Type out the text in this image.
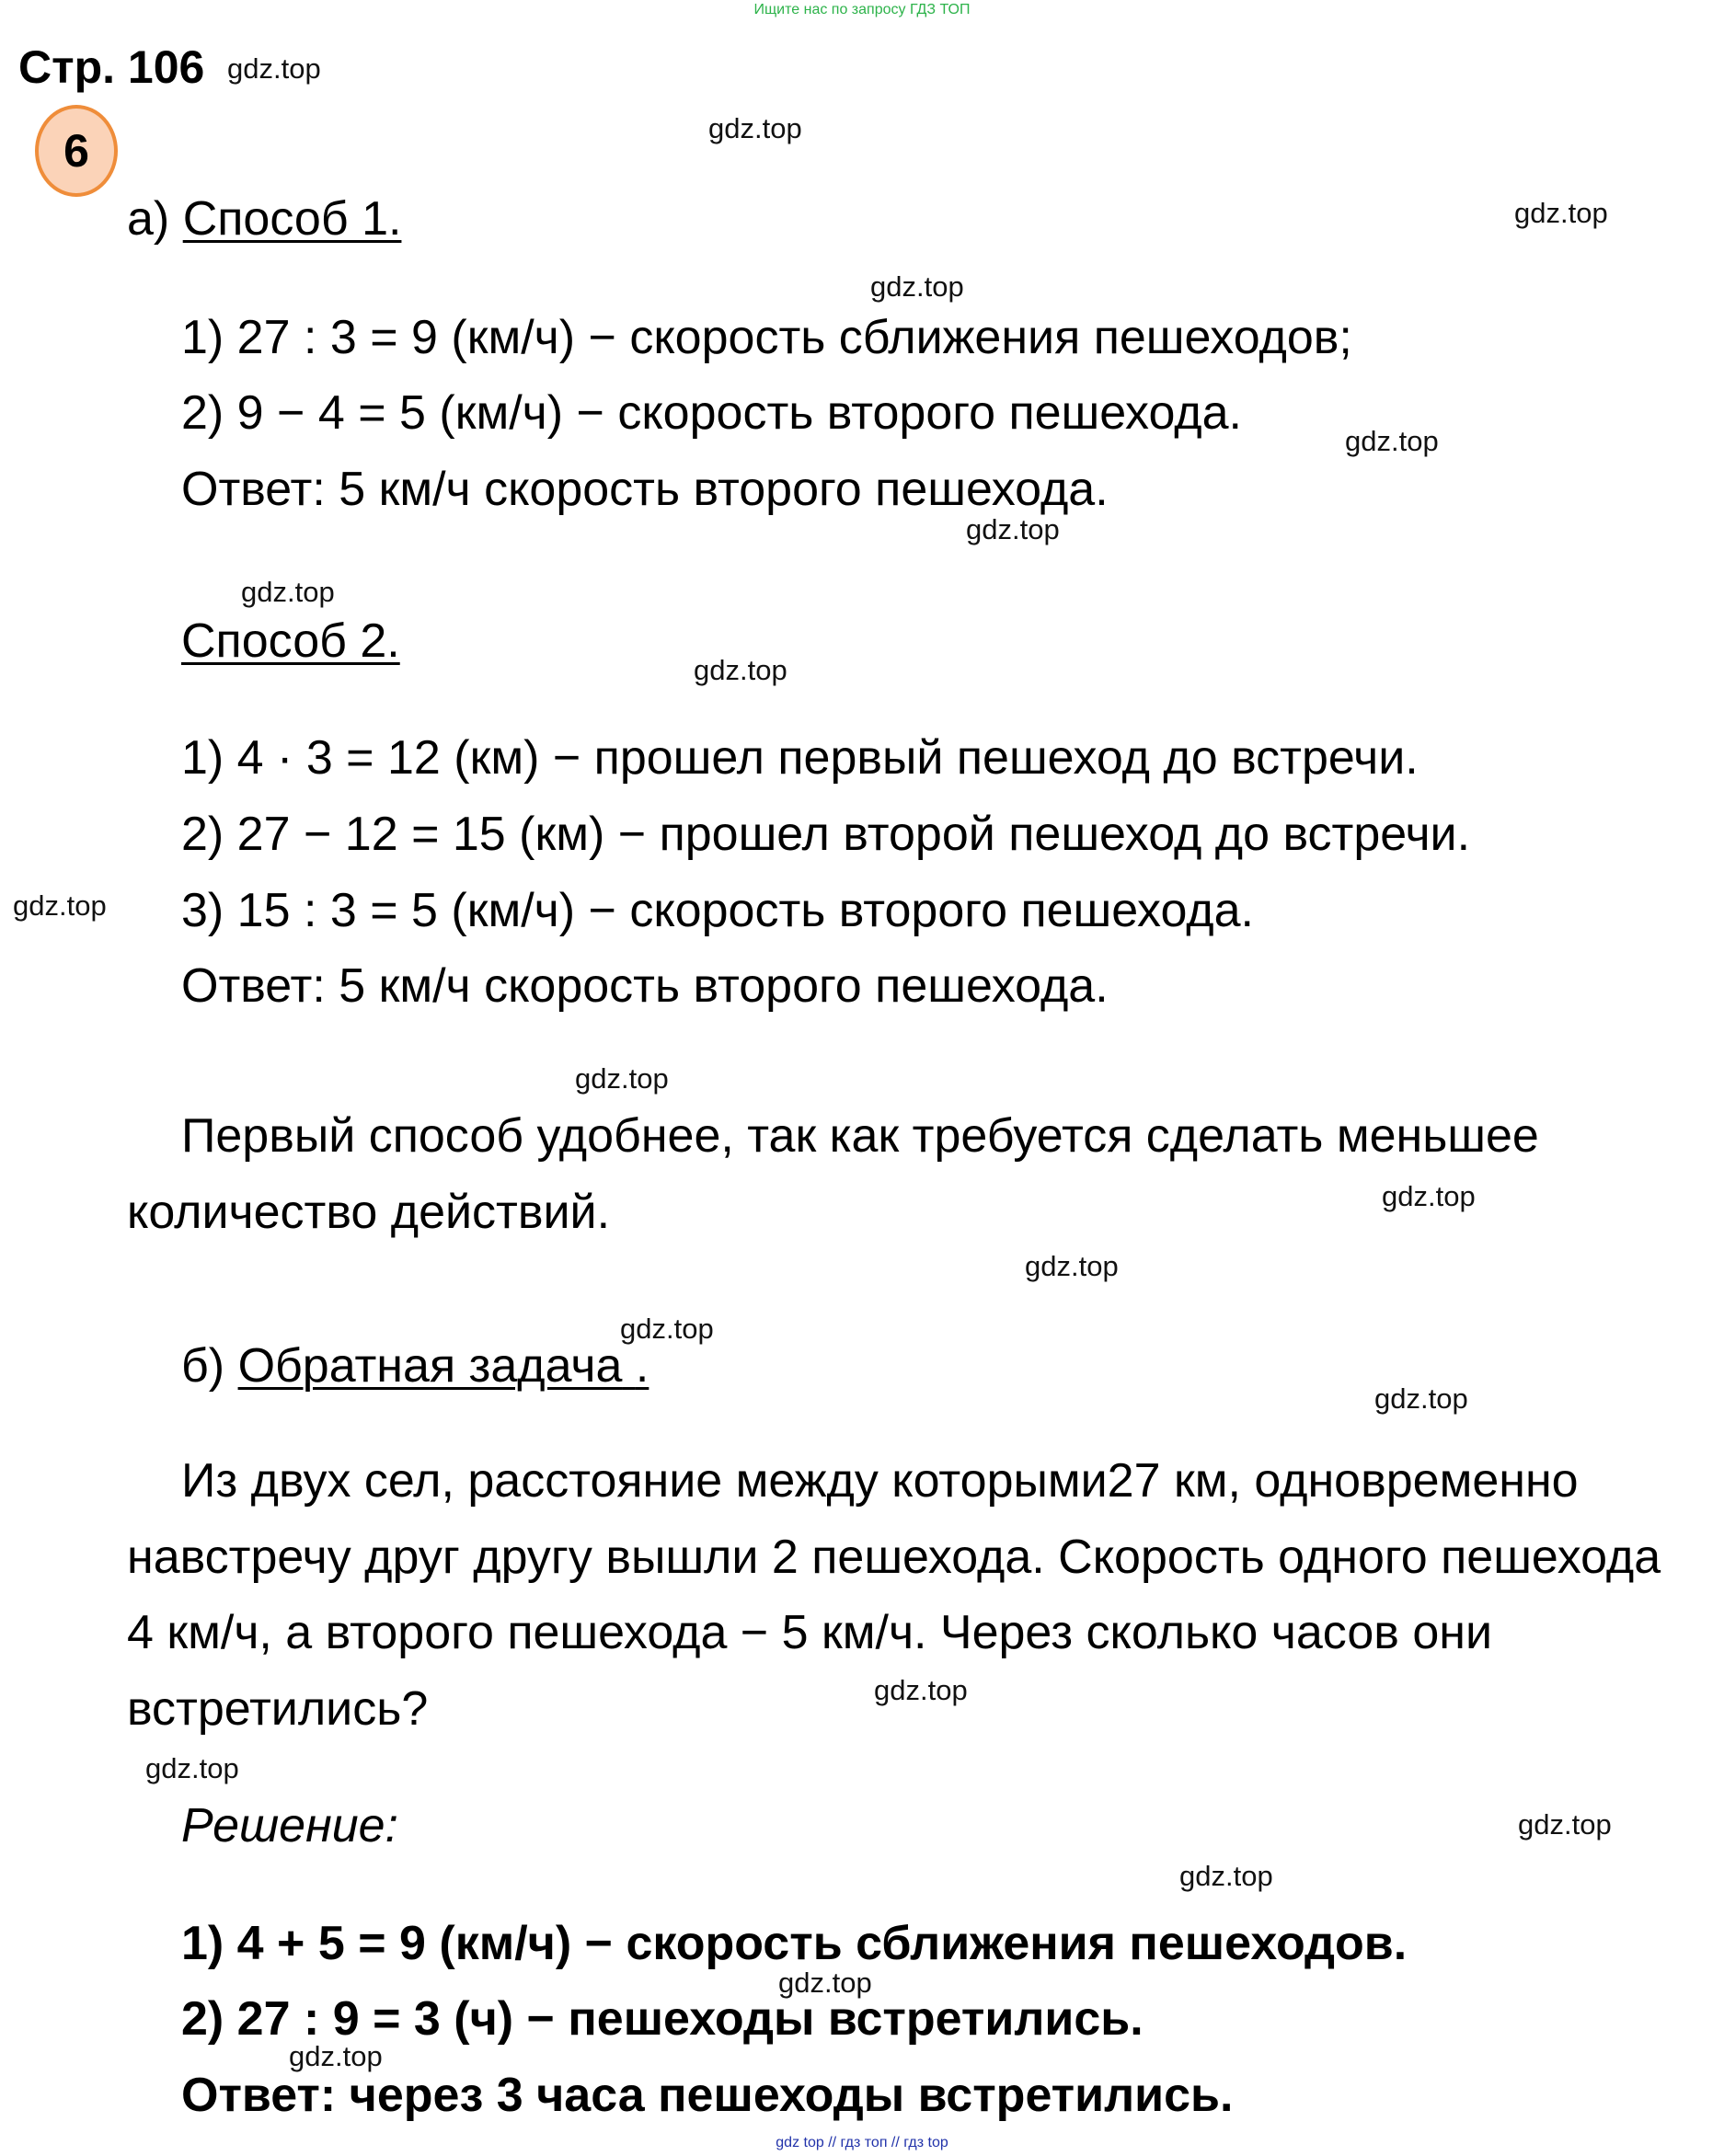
Ищите нас по запросу ГДЗ ТОП
Стр. 106
6
а) Способ 1.
1) 27 : 3 = 9 (км/ч) − скорость сближения пешеходов;
2) 9 − 4 = 5 (км/ч) − скорость второго пешехода.
Ответ: 5 км/ч скорость второго пешехода.
Способ 2.
1) 4 · 3 = 12 (км) − прошел первый пешеход до встречи.
2) 27 − 12 = 15 (км) − прошел второй пешеход до встречи.
3) 15 : 3 = 5 (км/ч) − скорость второго пешехода.
Ответ: 5 км/ч скорость второго пешехода.
Первый способ удобнее, так как требуется сделать меньшее
количество действий.
б) Обратная задача .
Из двух сел, расстояние между которыми27 км, одновременно
навстречу друг другу вышли 2 пешехода. Скорость одного пешехода
4 км/ч, а второго пешехода − 5 км/ч. Через сколько часов они
встретились?
Решение:
1) 4 + 5 = 9 (км/ч) − скорость сближения пешеходов.
2) 27 : 9 = 3 (ч) − пешеходы встретились.
Ответ: через 3 часа пешеходы встретились.
gdz.top
gdz.top
gdz.top
gdz.top
gdz.top
gdz.top
gdz.top
gdz.top
gdz.top
gdz.top
gdz.top
gdz.top
gdz.top
gdz.top
gdz.top
gdz.top
gdz.top
gdz.top
gdz.top
gdz.top
gdz top // гдз топ // гдз top
